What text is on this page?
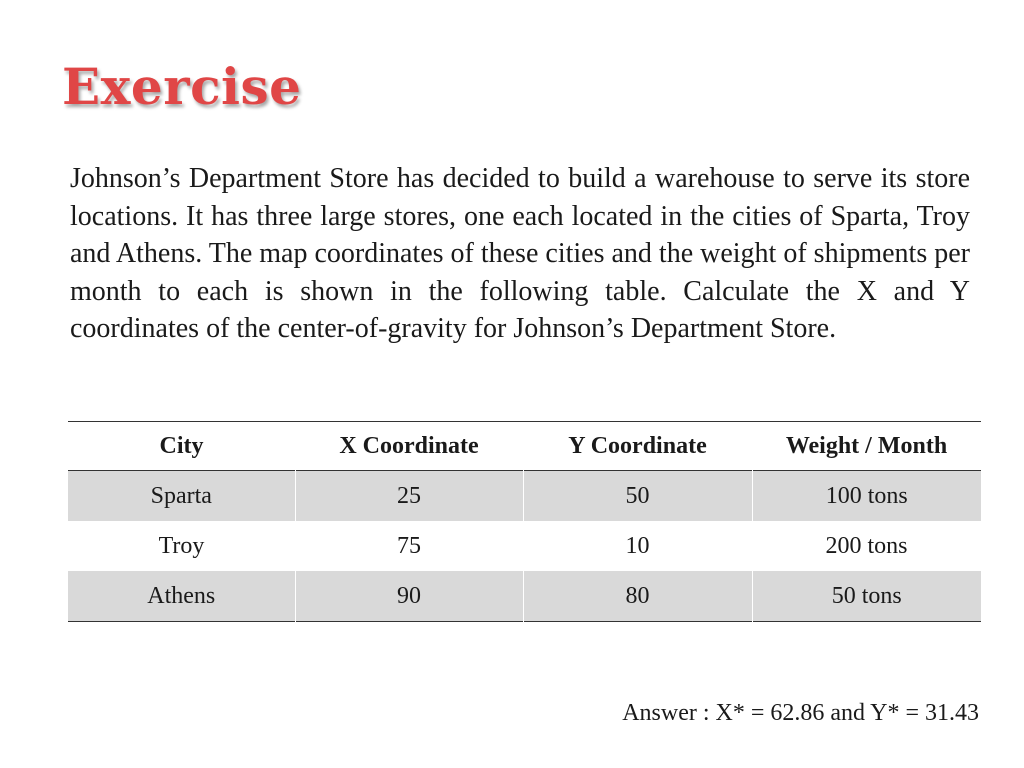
Exercise

Johnson’s Department Store has decided to build a warehouse to serve its store locations. It has three large stores, one each located in the cities of Sparta, Troy and Athens. The map coordinates of these cities and the weight of shipments per month to each is shown in the following table. Calculate the X and Y coordinates of the center-of-gravity for Johnson’s Department Store.

City	X Coordinate	Y Coordinate	Weight / Month
Sparta	25	50	100 tons
Troy	75	10	200 tons
Athens	90	80	50 tons
Answer : X* = 62.86 and Y* = 31.43
